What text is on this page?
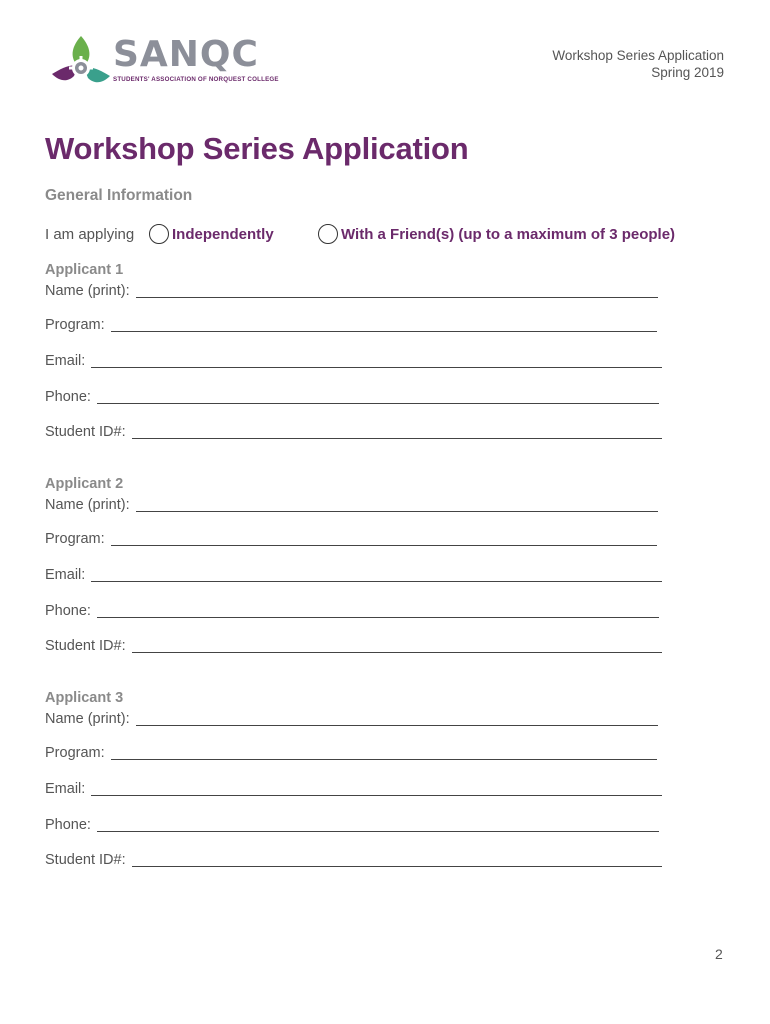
SANQC
STUDENTS' ASSOCIATION OF NORQUEST COLLEGE
Workshop Series Application
Spring 2019
Workshop Series Application
General Information
I am applying	Independently	With a Friend(s) (up to a maximum of 3 people)
Applicant 1
Name (print):
Program:
Email:
Phone:
Student ID#:
Applicant 2
Name (print):
Program:
Email:
Phone:
Student ID#:
Applicant 3
Name (print):
Program:
Email:
Phone:
Student ID#:
2
